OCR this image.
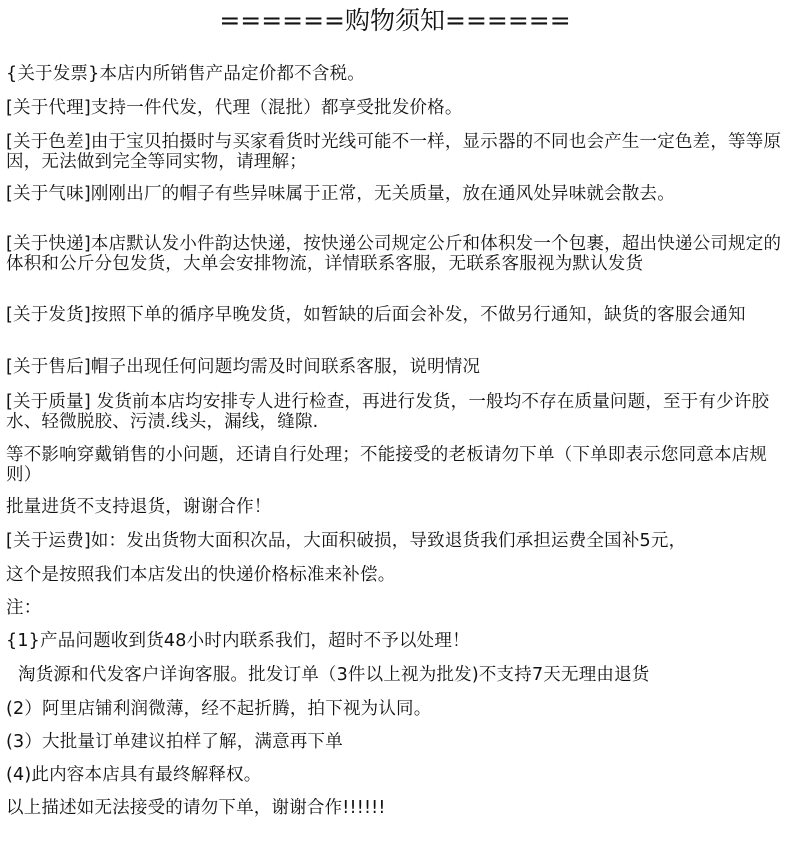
======购物须知======
{关于发票}本店内所销售产品定价都不含税。
[关于代理]支持一件代发，代理（混批）都享受批发价格。
[关于色差]由于宝贝拍摄时与买家看货时光线可能不一样，显示器的不同也会产生一定色差，等等原因，无法做到完全等同实物，请理解；
[关于气味]刚刚出厂的帽子有些异味属于正常，无关质量，放在通风处异味就会散去。
[关于快递]本店默认发小件韵达快递，按快递公司规定公斤和体积发一个包裹，超出快递公司规定的体积和公斤分包发货，大单会安排物流，详情联系客服，无联系客服视为默认发货
[关于发货]按照下单的循序早晚发货，如暂缺的后面会补发，不做另行通知，缺货的客服会通知
[关于售后]帽子出现任何问题均需及时间联系客服，说明情况
[关于质量] 发货前本店均安排专人进行检查，再进行发货，一般均不存在质量问题，至于有少许胶水、轻微脱胶、污渍.线头，漏线，缝隙.
等不影响穿戴销售的小问题，还请自行处理；不能接受的老板请勿下单（下单即表示您同意本店规则）
批量进货不支持退货，谢谢合作！
[关于运费]如：发出货物大面积次品，大面积破损，导致退货我们承担运费全国补5元，
这个是按照我们本店发出的快递价格标准来补偿。
注：
{1}产品问题收到货48小时内联系我们，超时不予以处理！
淘货源和代发客户详询客服。批发订单（3件以上视为批发)不支持7天无理由退货
(2）阿里店铺利润微薄，经不起折腾，拍下视为认同。
(3）大批量订单建议拍样了解，满意再下单
(4)此内容本店具有最终解释权。
以上描述如无法接受的请勿下单，谢谢合作!!!!!!
